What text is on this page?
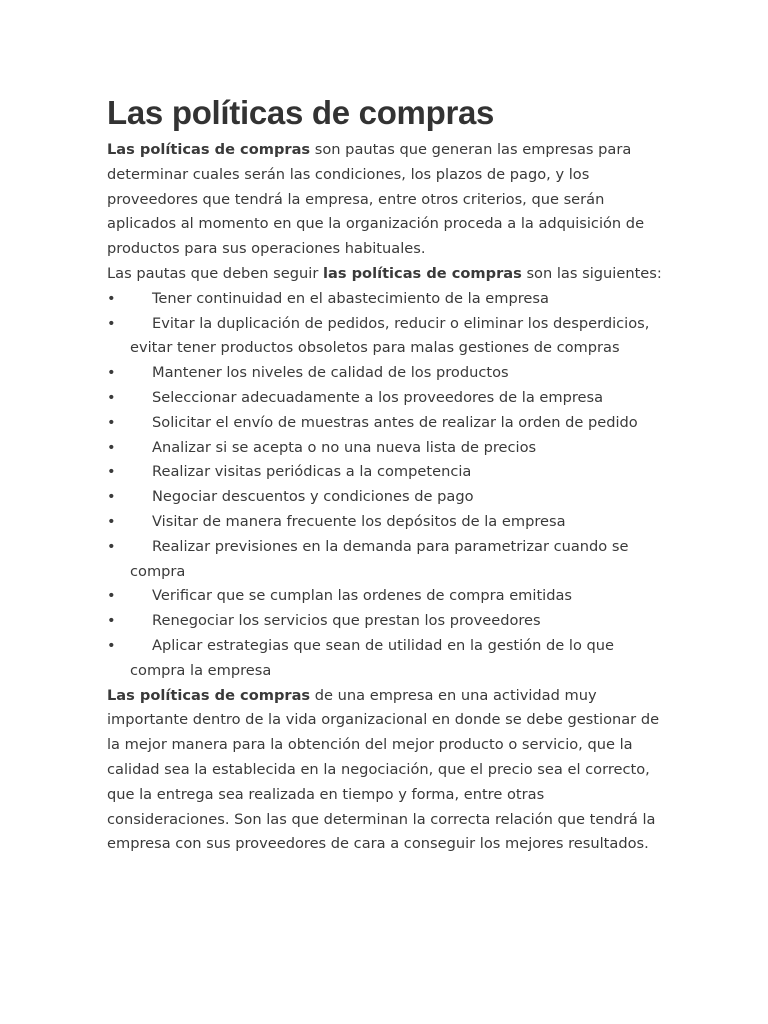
Las políticas de compras

Las políticas de compras son pautas que generan las empresas para determinar cuales serán las condiciones, los plazos de pago, y los proveedores que tendrá la empresa, entre otros criterios, que serán aplicados al momento en que la organización proceda a la adquisición de productos para sus operaciones habituales.

Las pautas que deben seguir las políticas de compras son las siguientes:

•	Tener continuidad en el abastecimiento de la empresa
•	Evitar la duplicación de pedidos, reducir o eliminar los desperdicios, evitar tener productos obsoletos para malas gestiones de compras
•	Mantener los niveles de calidad de los productos
•	Seleccionar adecuadamente a los proveedores de la empresa
•	Solicitar el envío de muestras antes de realizar la orden de pedido
•	Analizar si se acepta o no una nueva lista de precios
•	Realizar visitas periódicas a la competencia
•	Negociar descuentos y condiciones de pago
•	Visitar de manera frecuente los depósitos de la empresa
•	Realizar previsiones en la demanda para parametrizar cuando se compra
•	Verificar que se cumplan las ordenes de compra emitidas
•	Renegociar los servicios que prestan los proveedores
•	Aplicar estrategias que sean de utilidad en la gestión de lo que compra la empresa

Las políticas de compras de una empresa en una actividad muy importante dentro de la vida organizacional en donde se debe gestionar de la mejor manera para la obtención del mejor producto o servicio, que la calidad sea la establecida en la negociación, que el precio sea el correcto, que la entrega sea realizada en tiempo y forma, entre otras consideraciones. Son las que determinan la correcta relación que tendrá la empresa con sus proveedores de cara a conseguir los mejores resultados.
